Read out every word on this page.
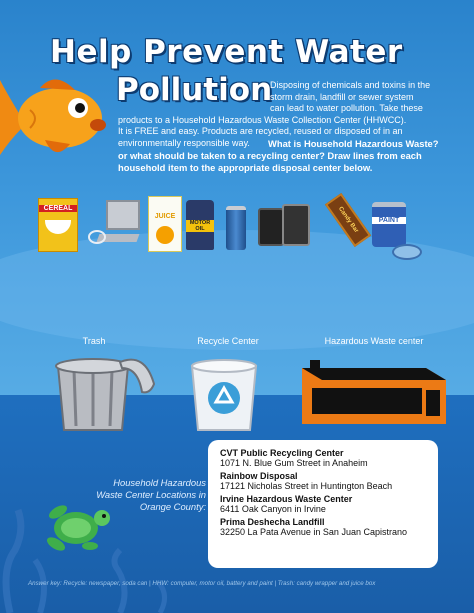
Help Prevent Water
Pollution
Disposing of chemicals and toxins in the
storm drain, landfill or sewer system
can lead to water pollution. Take these
products to a Household Hazardous Waste Collection Center (HHWCC).
It is FREE and easy. Products are recycled, reused or disposed of in an
environmentally responsible way.	What is Household Hazardous Waste?
or what should be taken to a recycling center? Draw lines from each household item to the appropriate disposal center below.
CEREAL
JUICE
MOTOR OIL	Candy Bar	PAINT
Trash	Recycle Center	Hazardous Waste center
Household Hazardous Waste Center Locations in Orange County:
CVT Public Recycling Center
1071 N. Blue Gum Street in Anaheim
Rainbow Disposal
17121 Nicholas Street in Huntington Beach
Irvine Hazardous Waste Center
6411 Oak Canyon in Irvine
Prima Deshecha Landfill
32250 La Pata Avenue in San Juan Capistrano
Answer key: Recycle: newspaper, soda can | HHW: computer, motor oil, battery and paint | Trash: candy wrapper and juice box
